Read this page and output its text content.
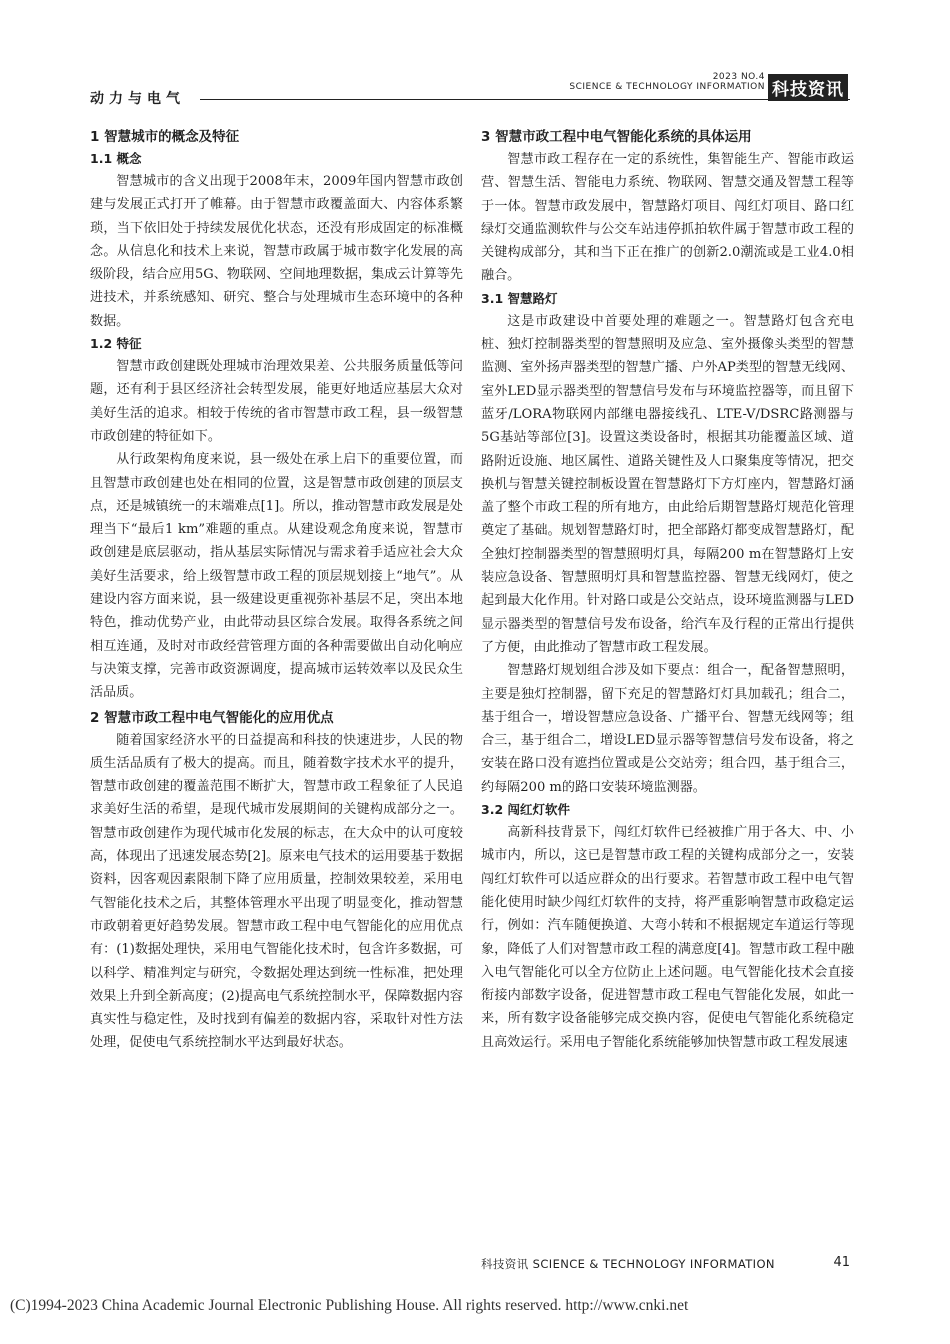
动力与电气
2023 NO.4
SCIENCE & TECHNOLOGY INFORMATION 科技资讯
1 智慧城市的概念及特征
1.1 概念

智慧城市的含义出现于2008年末，2009年国内智慧市政创建与发展正式打开了帷幕。由于智慧市政覆盖面大、内容体系繁琐，当下依旧处于持续发展优化状态，还没有形成固定的标准概念。从信息化和技术上来说，智慧市政属于城市数字化发展的高级阶段，结合应用5G、物联网、空间地理数据，集成云计算等先进技术，并系统感知、研究、整合与处理城市生态环境中的各种数据。

1.2 特征

智慧市政创建既处理城市治理效果差、公共服务质量低等问题，还有利于县区经济社会转型发展，能更好地适应基层大众对美好生活的追求。相较于传统的省市智慧市政工程，县一级智慧市政创建的特征如下。

从行政架构角度来说，县一级处在承上启下的重要位置，而且智慧市政创建也处在相同的位置，这是智慧市政创建的顶层支点，还是城镇统一的末端难点[1]。所以，推动智慧市政发展是处理当下“最后1 km”难题的重点。从建设观念角度来说，智慧市政创建是底层驱动，指从基层实际情况与需求着手适应社会大众美好生活要求，给上级智慧市政工程的顶层规划接上“地气”。从建设内容方面来说，县一级建设更重视弥补基层不足，突出本地特色，推动优势产业，由此带动县区综合发展。取得各系统之间相互连通，及时对市政经营管理方面的各种需要做出自动化响应与决策支撑，完善市政资源调度，提高城市运转效率以及民众生活品质。

2 智慧市政工程中电气智能化的应用优点

随着国家经济水平的日益提高和科技的快速进步，人民的物质生活品质有了极大的提高。而且，随着数字技术水平的提升，智慧市政创建的覆盖范围不断扩大，智慧市政工程象征了人民追求美好生活的希望，是现代城市发展期间的关键构成部分之一。智慧市政创建作为现代城市化发展的标志，在大众中的认可度较高，体现出了迅速发展态势[2]。原来电气技术的运用要基于数据资料，因客观因素限制下降了应用质量，控制效果较差，采用电气智能化技术之后，其整体管理水平出现了明显变化，推动智慧市政朝着更好趋势发展。智慧市政工程中电气智能化的应用优点有：(1)数据处理快，采用电气智能化技术时，包含许多数据，可以科学、精准判定与研究，令数据处理达到统一性标准，把处理效果上升到全新高度；(2)提高电气系统控制水平，保障数据内容真实性与稳定性，及时找到有偏差的数据内容，采取针对性方法处理，促使电气系统控制水平达到最好状态。

3 智慧市政工程中电气智能化系统的具体运用

智慧市政工程存在一定的系统性，集智能生产、智能市政运营、智慧生活、智能电力系统、物联网、智慧交通及智慧工程等于一体。智慧市政发展中，智慧路灯项目、闯红灯项目、路口红绿灯交通监测软件与公交车站违停抓拍软件属于智慧市政工程的关键构成部分，其和当下正在推广的创新2.0潮流或是工业4.0相融合。

3.1 智慧路灯

这是市政建设中首要处理的难题之一。智慧路灯包含充电桩、独灯控制器类型的智慧照明及应急、室外摄像头类型的智慧监测、室外扬声器类型的智慧广播、户外AP类型的智慧无线网、室外LED显示器类型的智慧信号发布与环境监控器等，而且留下蓝牙/LORA物联网内部继电器接线孔、LTE-V/DSRC路测器与5G基站等部位[3]。设置这类设备时，根据其功能覆盖区域、道路附近设施、地区属性、道路关键性及人口聚集度等情况，把交换机与智慧关键控制板设置在智慧路灯下方灯座内，智慧路灯涵盖了整个市政工程的所有地方，由此给后期智慧路灯规范化管理奠定了基础。规划智慧路灯时，把全部路灯都变成智慧路灯，配全独灯控制器类型的智慧照明灯具，每隔200 m在智慧路灯上安装应急设备、智慧照明灯具和智慧监控器、智慧无线网灯，使之起到最大化作用。针对路口或是公交站点，设环境监测器与LED显示器类型的智慧信号发布设备，给汽车及行程的正常出行提供了方便，由此推动了智慧市政工程发展。

智慧路灯规划组合涉及如下要点：组合一，配备智慧照明，主要是独灯控制器，留下充足的智慧路灯灯具加载孔；组合二，基于组合一，增设智慧应急设备、广播平台、智慧无线网等；组合三，基于组合二，增设LED显示器等智慧信号发布设备，将之安装在路口没有遮挡位置或是公交站旁；组合四，基于组合三，约每隔200 m的路口安装环境监测器。

3.2 闯红灯软件

高新科技背景下，闯红灯软件已经被推广用于各大、中、小城市内，所以，这已是智慧市政工程的关键构成部分之一，安装闯红灯软件可以适应群众的出行要求。若智慧市政工程中电气智能化使用时缺少闯红灯软件的支持，将严重影响智慧市政稳定运行，例如：汽车随便换道、大弯小转和不根据规定车道运行等现象，降低了人们对智慧市政工程的满意度[4]。智慧市政工程中融入电气智能化可以全方位防止上述问题。电气智能化技术会直接衔接内部数字设备，促进智慧市政工程电气智能化发展，如此一来，所有数字设备能够完成交换内容，促使电气智能化系统稳定且高效运行。采用电子智能化系统能够加快智慧市政工程发展速

科技资讯 SCIENCE & TECHNOLOGY INFORMATION	41
(C)1994-2023 China Academic Journal Electronic Publishing House. All rights reserved. http://www.cnki.net
